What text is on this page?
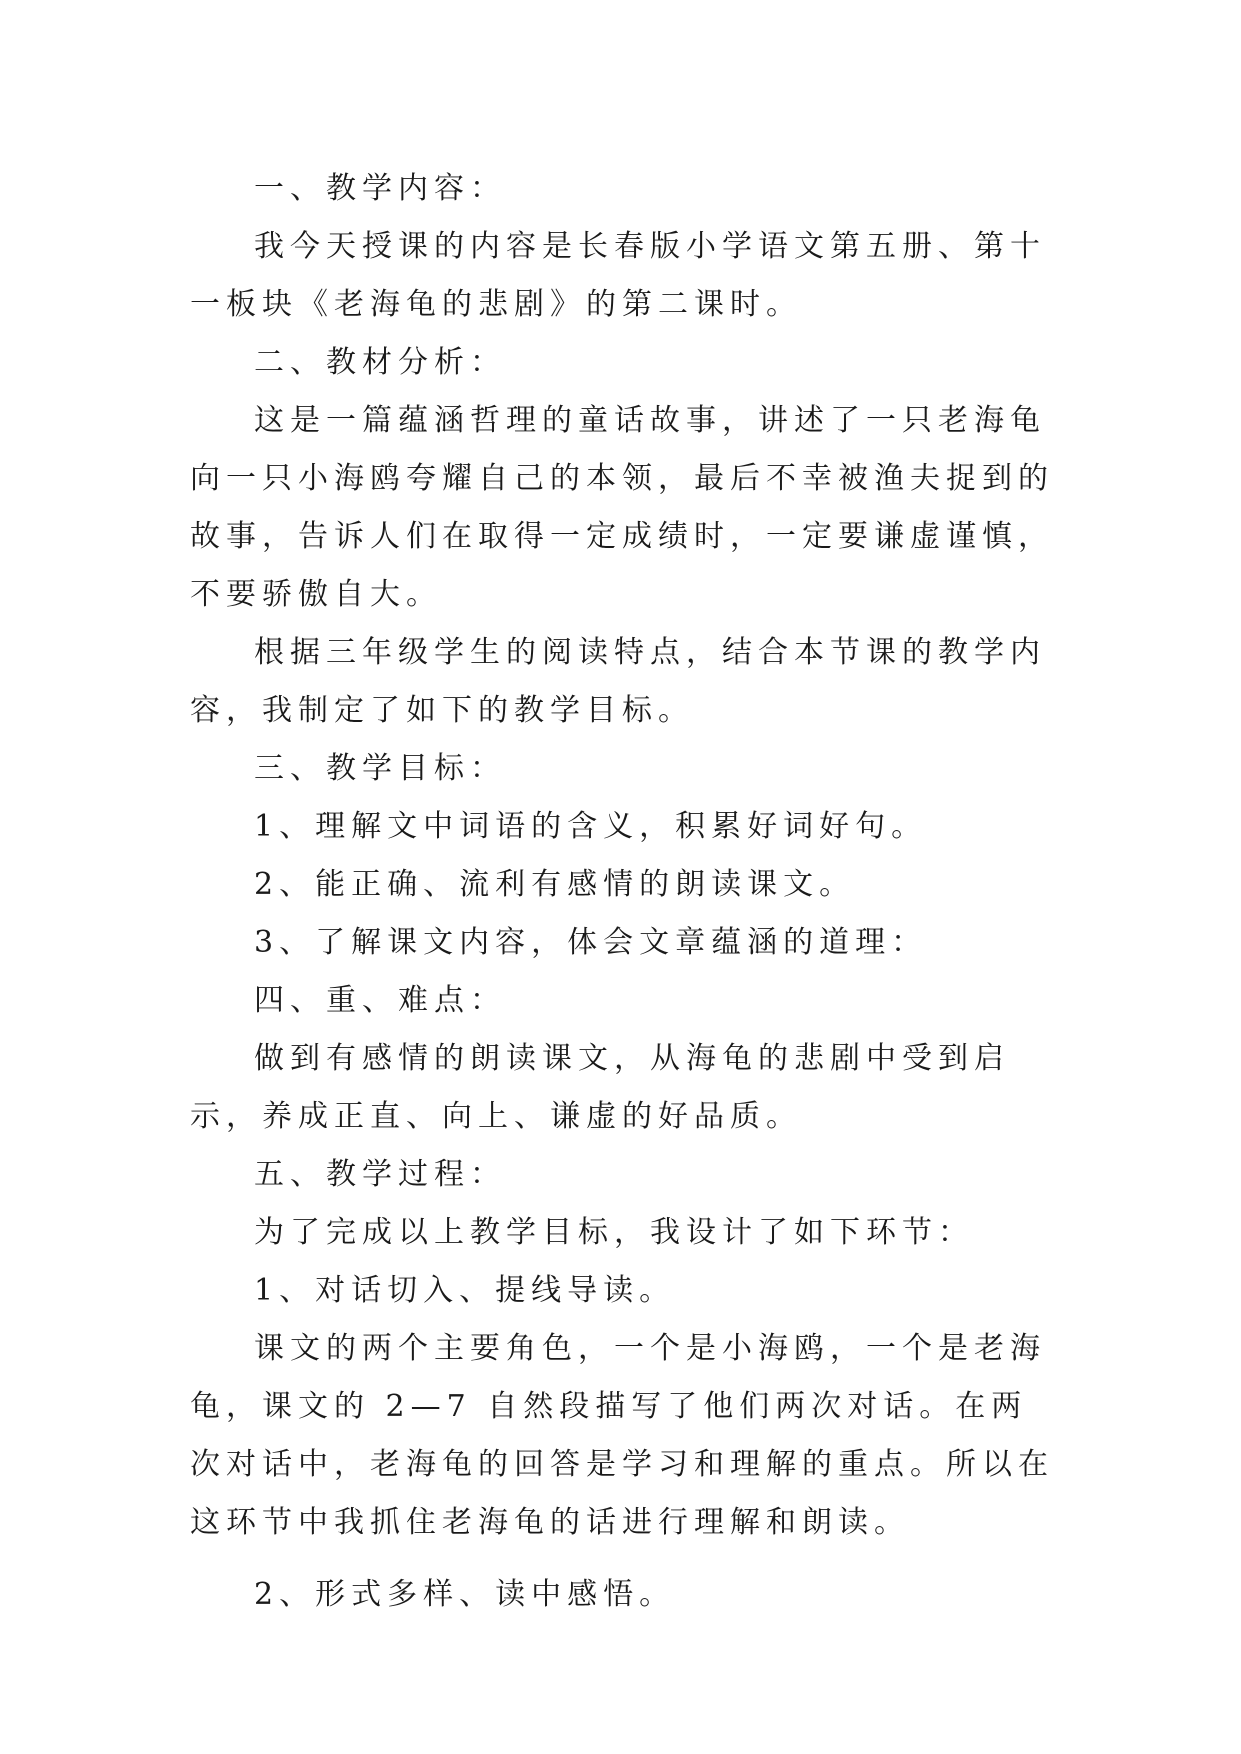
一、教学内容：

我今天授课的内容是长春版小学语文第五册、第十一板块《老海龟的悲剧》的第二课时。

二、教材分析：

这是一篇蕴涵哲理的童话故事，讲述了一只老海龟向一只小海鸥夸耀自己的本领，最后不幸被渔夫捉到的故事，告诉人们在取得一定成绩时，一定要谦虚谨慎，不要骄傲自大。

根据三年级学生的阅读特点，结合本节课的教学内容，我制定了如下的教学目标。

三、教学目标：

1、理解文中词语的含义，积累好词好句。

2、能正确、流利有感情的朗读课文。

3、了解课文内容，体会文章蕴涵的道理：

四、重、难点：

做到有感情的朗读课文，从海龟的悲剧中受到启示，养成正直、向上、谦虚的好品质。

五、教学过程：

为了完成以上教学目标，我设计了如下环节：

1、对话切入、提线导读。

课文的两个主要角色，一个是小海鸥，一个是老海龟，课文的 2—7 自然段描写了他们两次对话。在两次对话中，老海龟的回答是学习和理解的重点。所以在这环节中我抓住老海龟的话进行理解和朗读。

2、形式多样、读中感悟。
